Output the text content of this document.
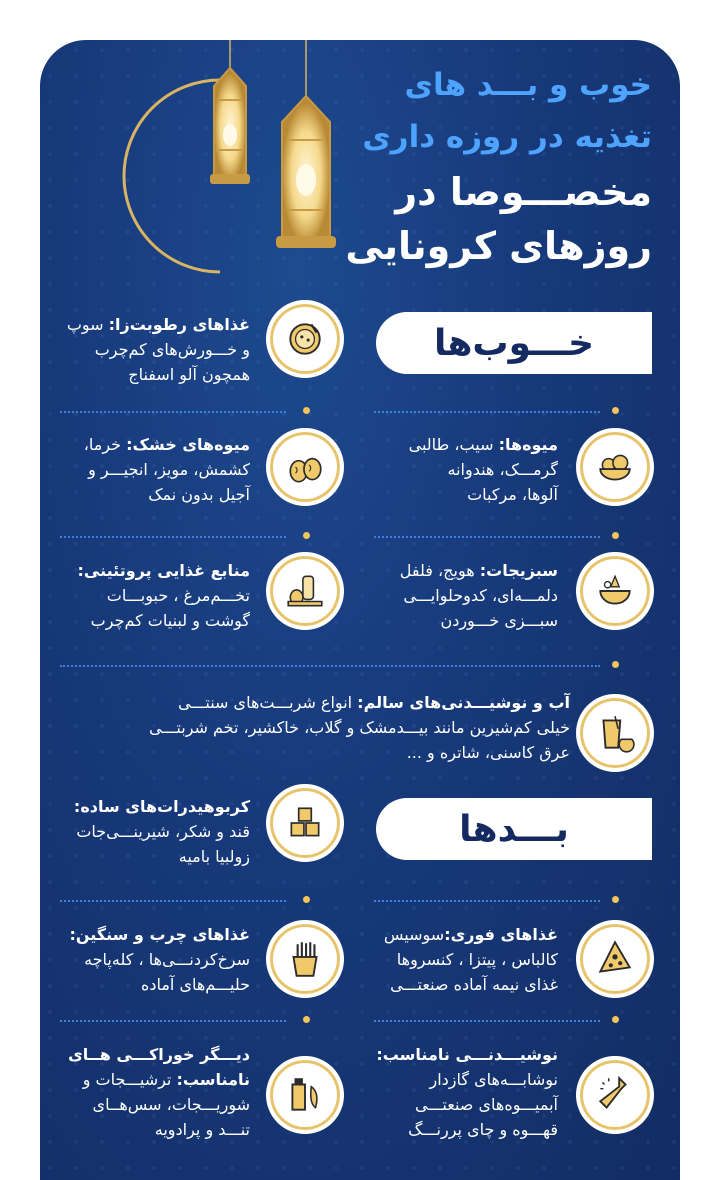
خوب و بـــد های
تغذیه در روزه داری
مخصـــوصا در
روزهای کرونایی
خـــوب‌ها
غذاهای رطوبت‌زا: سوپ
و خـــورش‌های کم‌چرب
همچون آلو اسفناج
میوه‌های خشک: خرما،
کشمش، مویز، انجیـــر و
آجیل بدون نمک
میوه‌ها: سیب، طالبی
گرمـــک، هندوانه
آلوها، مرکبات
منابع غذایی پروتئینی:
تخـــم‌مرغ ، حبوبـــات
گوشت و لبنیات کم‌چرب
سبزیجات: هویج، فلفل
دلمـــه‌ای، کدوحلوایـــی
سبـــزی خـــوردن
آب و نوشیـــدنی‌های سالم: انواع شربـــت‌های سنتـــی
خیلی کم‌شیرین مانند بیـــدمشک و گلاب، خاکشیر، تخم شربتـــی
عرق کاسنی، شاتره و ...
بـــدها
کربوهیدرات‌های ساده:
قند و شکر، شیرینـــی‌جات
زولبیا بامیه
غذاهای چرب و سنگین:
سرخ‌کردنـــی‌ها ، کله‌پاچه
حلیـــم‌های آماده
غذاهای فوری:سوسیس
کالباس ، پیتزا ، کنسروها
غذای نیمه آماده صنعتـــی
دیـــگر خوراکـــی هــای
نامناسب: ترشیـــجات و
شوریـــجات، سس‌هــای
تنـــد و پرادویه
نوشیـــدنـــی نامناسب:
نوشابـــه‌های گازدار
آبمیـــوه‌های صنعتـــی
قهـــوه و چای پررنـــگ
